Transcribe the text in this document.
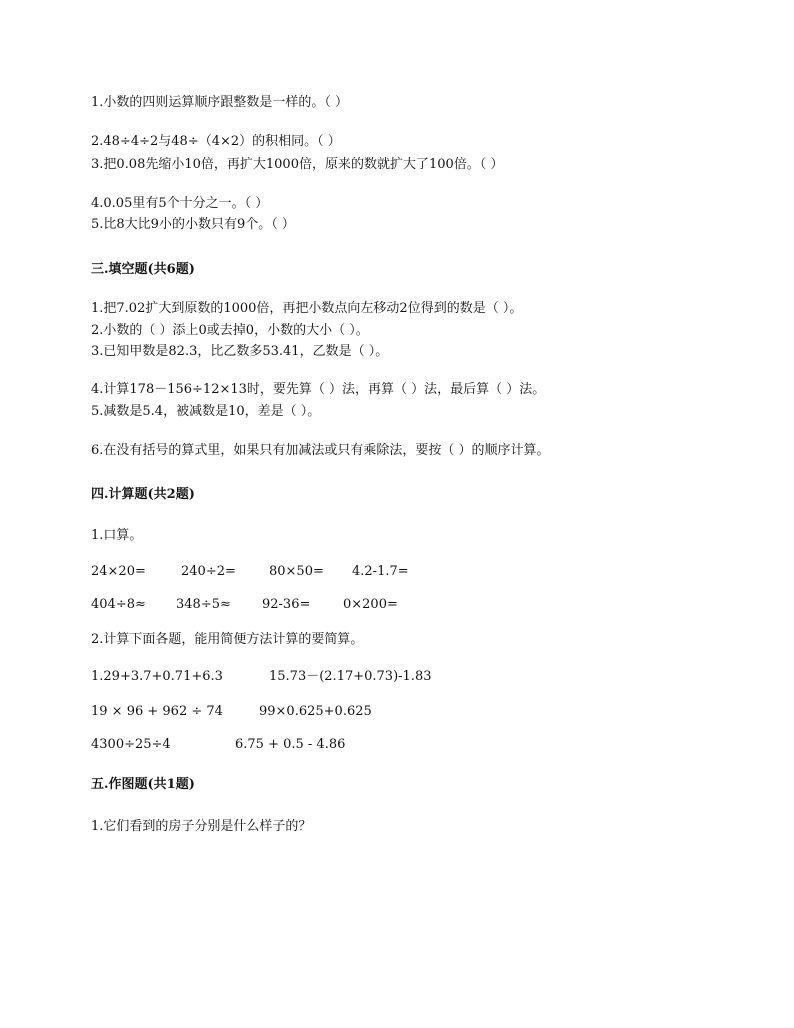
1.小数的四则运算顺序跟整数是一样的。（ ）
2.48÷4÷2与48÷（4×2）的积相同。（ ）
3.把0.08先缩小10倍，再扩大1000倍，原来的数就扩大了100倍。（ ）
4.0.05里有5个十分之一。（ ）
5.比8大比9小的小数只有9个。（ ）
三.填空题(共6题)
1.把7.02扩大到原数的1000倍，再把小数点向左移动2位得到的数是（ ）。
2.小数的（ ）添上0或去掉0，小数的大小（ ）。
3.已知甲数是82.3，比乙数多53.41，乙数是（ ）。
4.计算178－156÷12×13时，要先算（ ）法，再算（ ）法，最后算（ ）法。
5.减数是5.4，被减数是10，差是（ ）。
6.在没有括号的算式里，如果只有加减法或只有乘除法，要按（ ）的顺序计算。
四.计算题(共2题)
1.口算。
24×20=	240÷2=	80×50= 4.2-1.7=
404÷8≈ 348÷5≈ 92-36=	0×200=
2.计算下面各题，能用简便方法计算的要简算。
1.29+3.7+0.71+6.3	15.73－(2.17+0.73)-1.83
19 × 96 + 962 ÷ 74	99×0.625+0.625
4300÷25÷4	6.75 + 0.5 - 4.86
五.作图题(共1题)
1.它们看到的房子分别是什么样子的？
